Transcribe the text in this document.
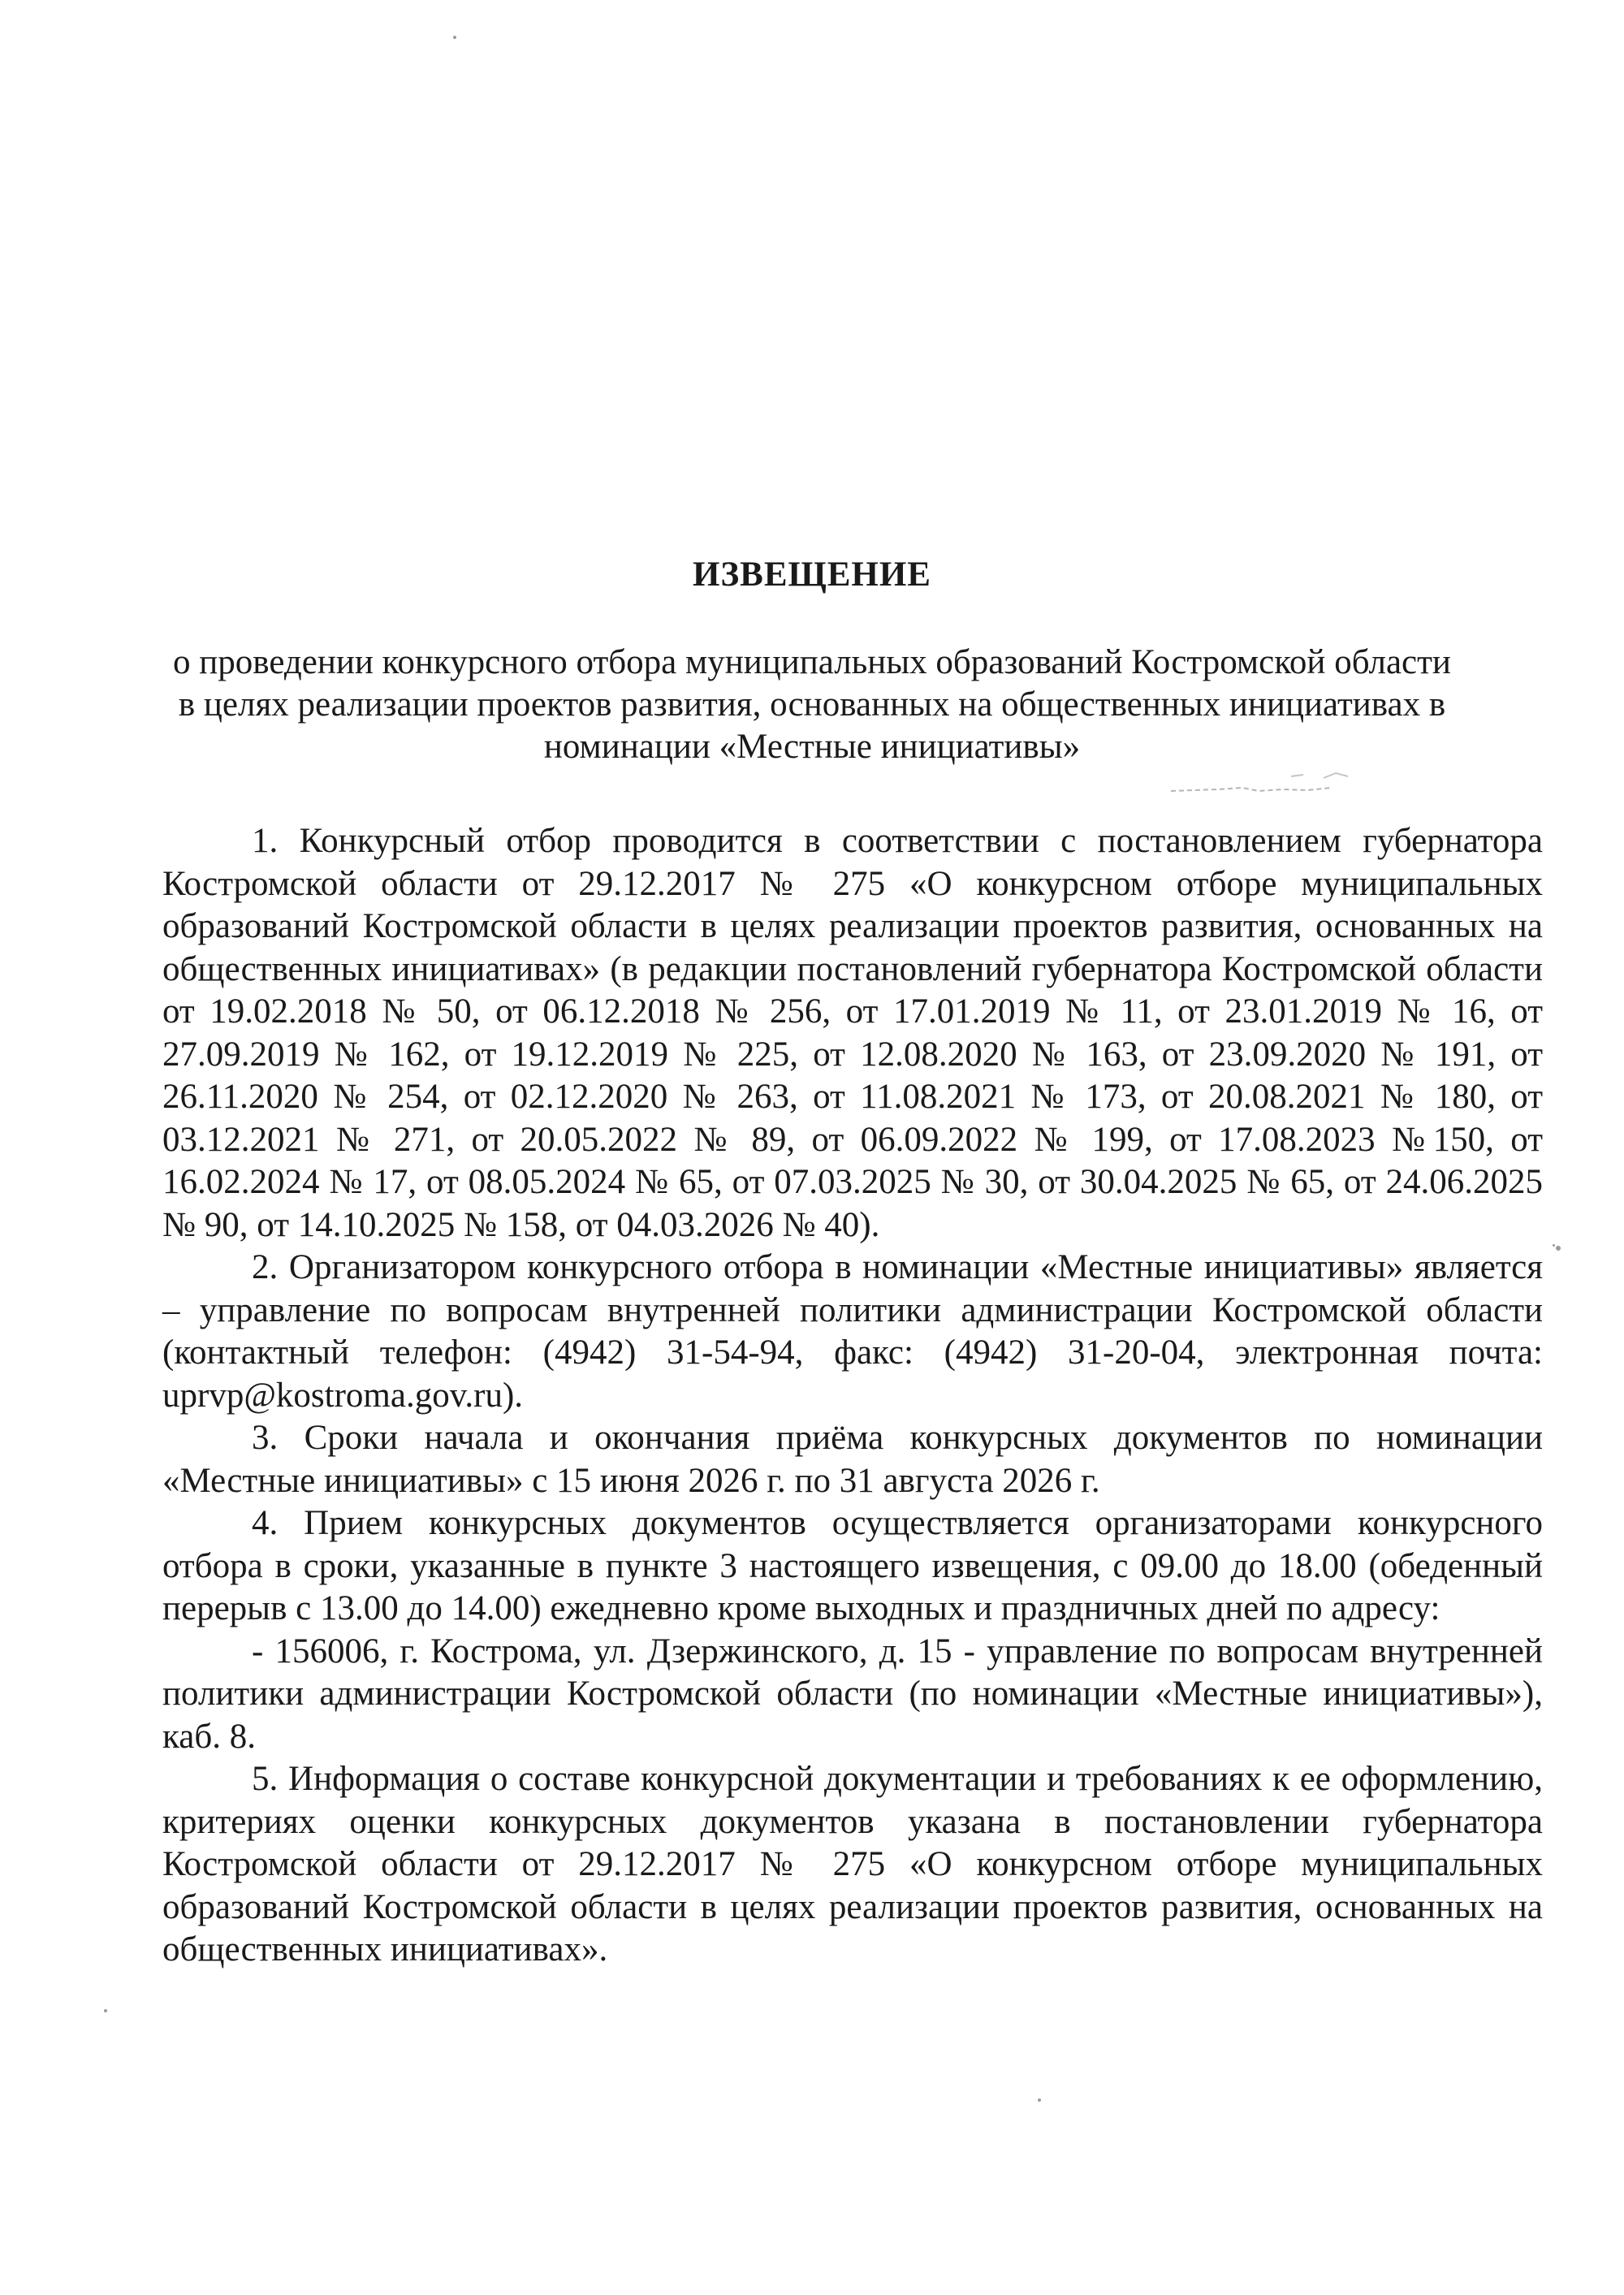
ИЗВЕЩЕНИЕ
о проведении конкурсного отбора муниципальных образований Костромской области в целях реализации проектов развития, основанных на общественных инициативах в номинации «Местные инициативы»

1. Конкурсный отбор проводится в соответствии с постановлением губернатора Костромской области от 29.12.2017 № 275 «О конкурсном отборе муниципальных образований Костромской области в целях реализации проектов развития, основанных на общественных инициативах» (в редакции постановлений губернатора Костромской области от 19.02.2018 № 50, от 06.12.2018 № 256, от 17.01.2019 № 11, от 23.01.2019 № 16, от 27.09.2019 № 162, от 19.12.2019 № 225, от 12.08.2020 № 163, от 23.09.2020 № 191, от 26.11.2020 № 254, от 02.12.2020 № 263, от 11.08.2021 № 173, от 20.08.2021 № 180, от 03.12.2021 № 271, от 20.05.2022 № 89, от 06.09.2022 № 199, от 17.08.2023 №150, от 16.02.2024 № 17, от 08.05.2024 № 65, от 07.03.2025 № 30, от 30.04.2025 № 65, от 24.06.2025 № 90, от 14.10.2025 № 158, от 04.03.2026 № 40).

2. Организатором конкурсного отбора в номинации «Местные инициативы» является – управление по вопросам внутренней политики администрации Костромской области (контактный телефон: (4942) 31-54-94, факс: (4942) 31-20-04, электронная почта: uprvp@kostroma.gov.ru).

3. Сроки начала и окончания приёма конкурсных документов по номинации «Местные инициативы» с 15 июня 2026 г. по 31 августа 2026 г.

4. Прием конкурсных документов осуществляется организаторами конкурсного отбора в сроки, указанные в пункте 3 настоящего извещения, с 09.00 до 18.00 (обеденный перерыв с 13.00 до 14.00) ежедневно кроме выходных и праздничных дней по адресу:

- 156006, г. Кострома, ул. Дзержинского, д. 15 - управление по вопросам внутренней политики администрации Костромской области (по номинации «Местные инициативы»), каб. 8.

5. Информация о составе конкурсной документации и требованиях к ее оформлению, критериях оценки конкурсных документов указана в постановлении губернатора Костромской области от 29.12.2017 № 275 «О конкурсном отборе муниципальных образований Костромской области в целях реализации проектов развития, основанных на общественных инициативах».
